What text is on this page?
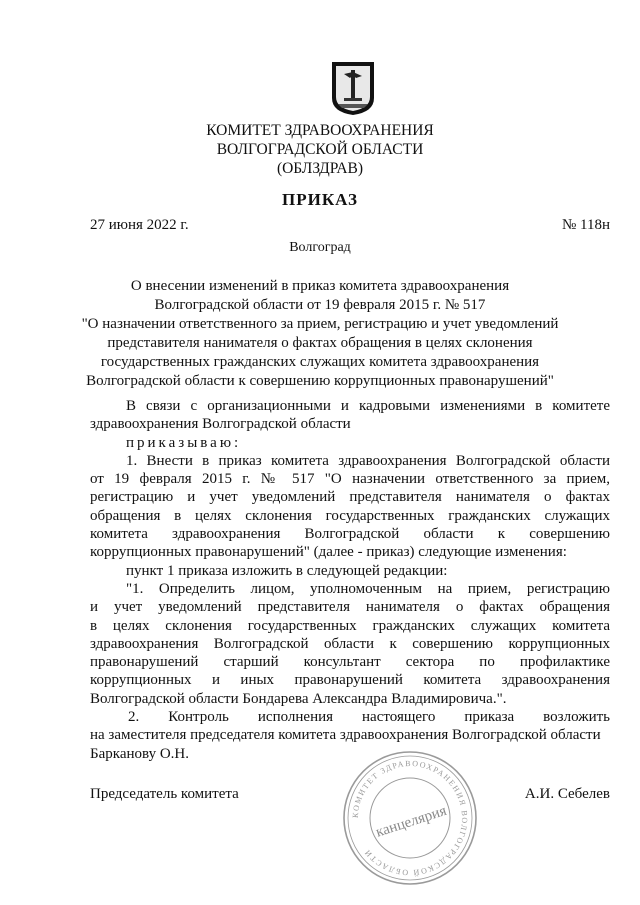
КОМИТЕТ ЗДРАВООХРАНЕНИЯ
ВОЛГОГРАДСКОЙ ОБЛАСТИ
(ОБЛЗДРАВ)
ПРИКАЗ
27 июня 2022 г.	№ 118н
Волгоград
О внесении изменений в приказ комитета здравоохранения
Волгоградской области от 19 февраля 2015 г. № 517
"О назначении ответственного за прием, регистрацию и учет уведомлений
представителя нанимателя о фактах обращения в целях склонения
государственных гражданских служащих комитета здравоохранения
Волгоградской области к совершению коррупционных правонарушений"
В связи с организационными и кадровыми изменениями в комитете
здравоохранения Волгоградской области
приказываю:
1. Внести в приказ комитета здравоохранения Волгоградской области
от 19 февраля 2015 г. № 517 "О назначении ответственного за прием,
регистрацию и учет уведомлений представителя нанимателя о фактах
обращения в целях склонения государственных гражданских служащих
комитета здравоохранения Волгоградской области к совершению
коррупционных правонарушений" (далее - приказ) следующие изменения:
пункт 1 приказа изложить в следующей редакции:
"1. Определить лицом, уполномоченным на прием, регистрацию
и учет уведомлений представителя нанимателя о фактах обращения
в целях склонения государственных гражданских служащих комитета
здравоохранения Волгоградской области к совершению коррупционных
правонарушений старший консультант сектора по профилактике
коррупционных и иных правонарушений комитета здравоохранения
Волгоградской области Бондарева Александра Владимировича.".
2. Контроль исполнения настоящего приказа возложить
на заместителя председателя комитета здравоохранения Волгоградской области
Барканову О.Н.
КОМИТЕТ ЗДРАВООХРАНЕНИЯ ВОЛГОГРАДСКОЙ ОБЛАСТИ
канцелярия
Председатель комитета	А.И. Себелев
